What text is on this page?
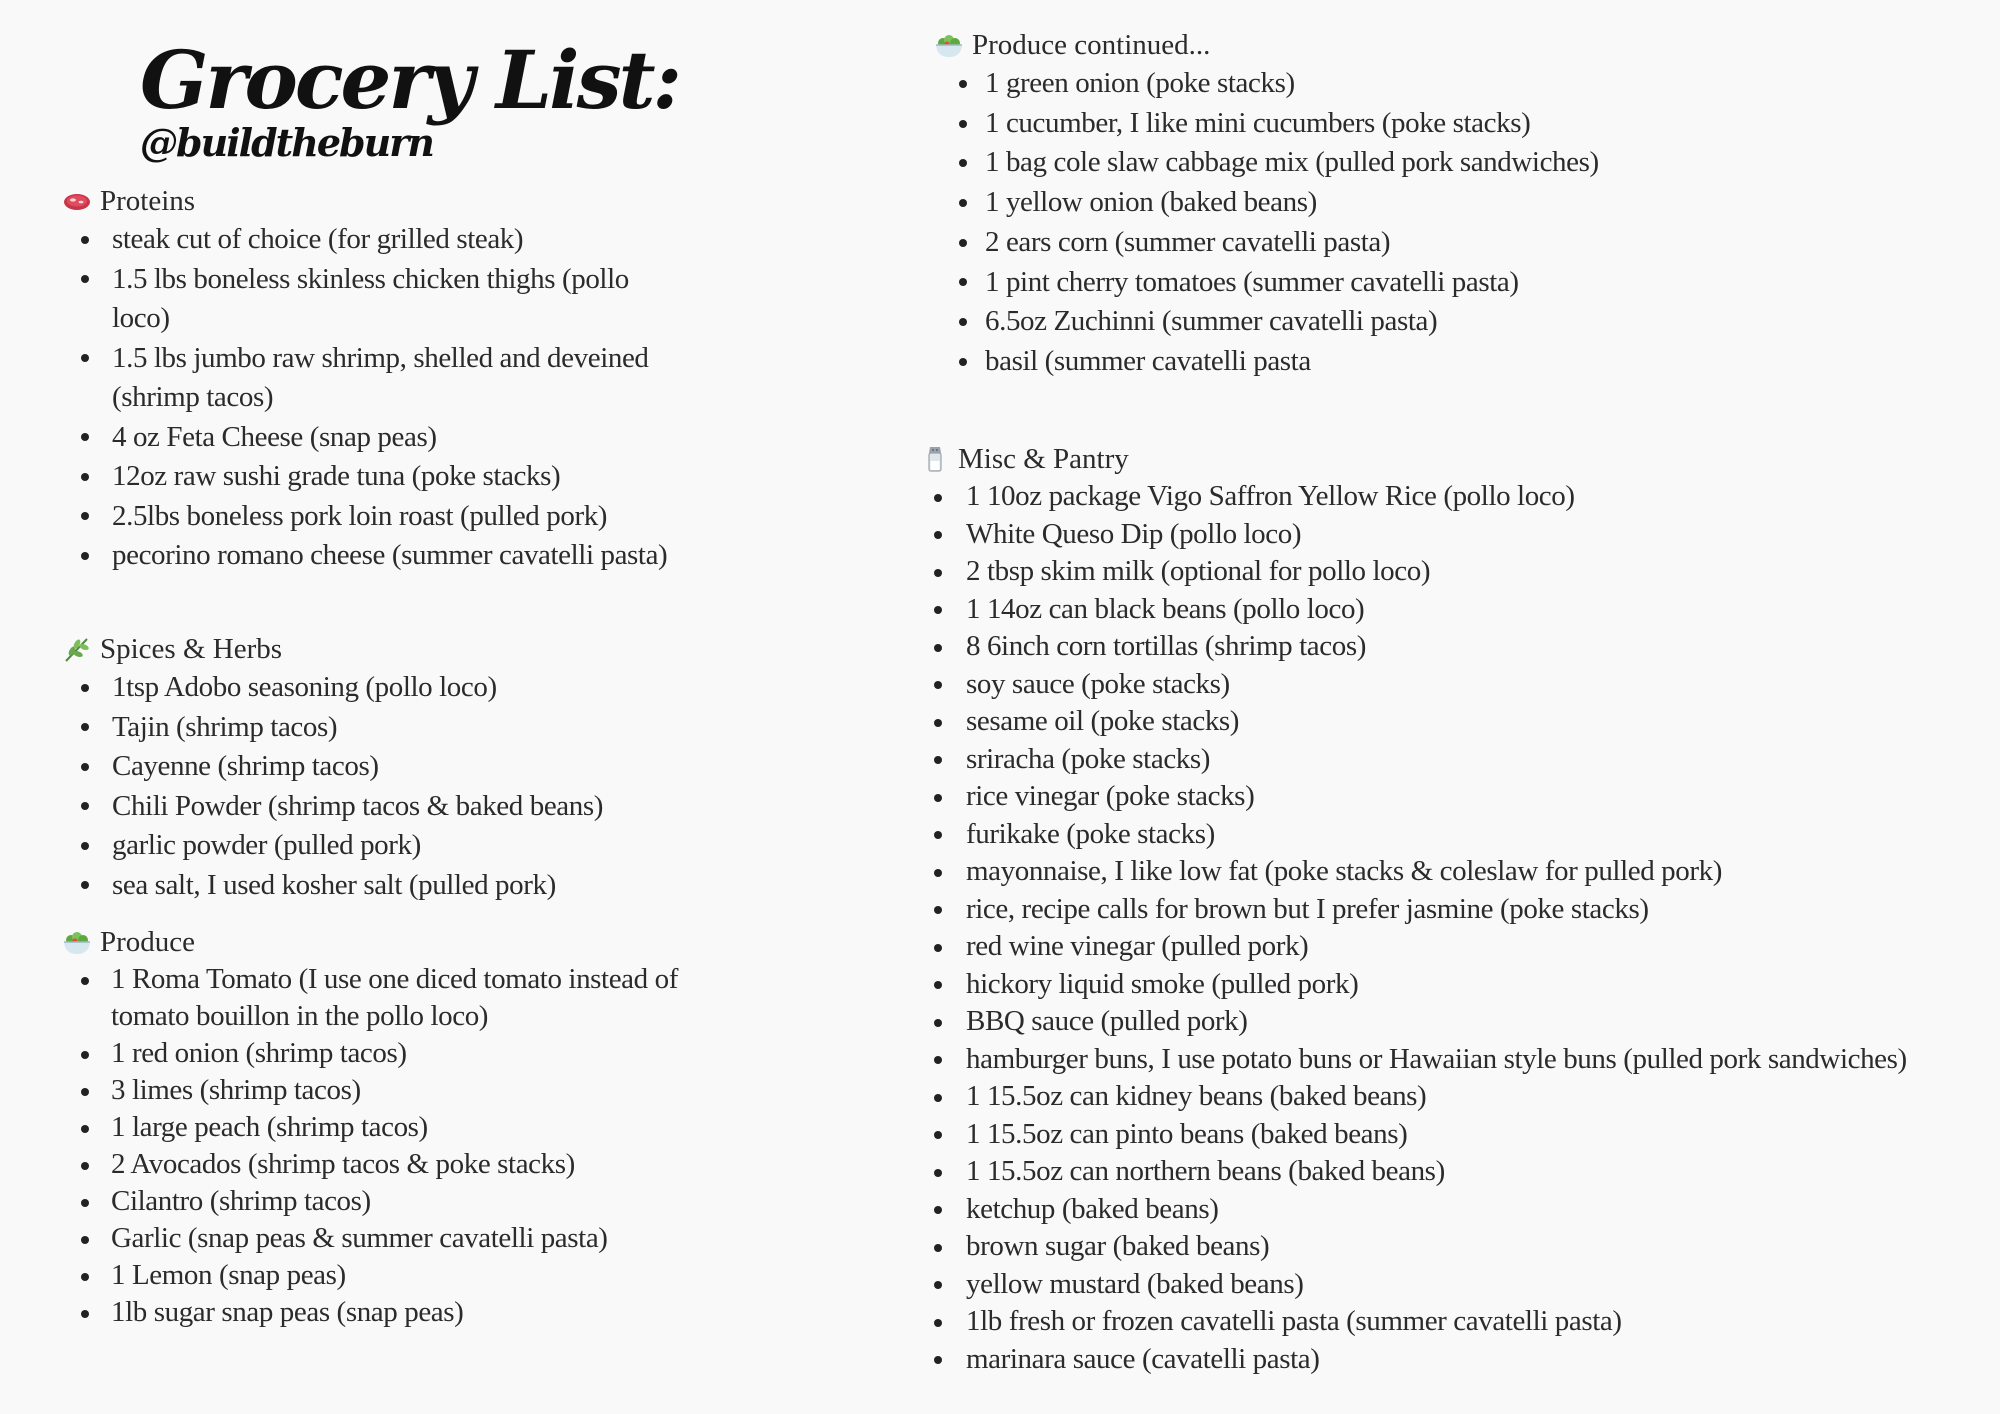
Grocery List:
@buildtheburn
Proteins
steak cut of choice (for grilled steak)
1.5 lbs boneless skinless chicken thighs (pollo loco)
1.5 lbs jumbo raw shrimp, shelled and deveined (shrimp tacos)
4 oz Feta Cheese (snap peas)
12oz raw sushi grade tuna (poke stacks)
2.5lbs boneless pork loin roast (pulled pork)
pecorino romano cheese (summer cavatelli pasta)
Spices & Herbs
1tsp Adobo seasoning (pollo loco)
Tajin (shrimp tacos)
Cayenne (shrimp tacos)
Chili Powder (shrimp tacos & baked beans)
garlic powder (pulled pork)
sea salt, I used kosher salt (pulled pork)
Produce
1 Roma Tomato (I use one diced tomato instead of tomato bouillon in the pollo loco)
1 red onion (shrimp tacos)
3 limes (shrimp tacos)
1 large peach (shrimp tacos)
2 Avocados (shrimp tacos & poke stacks)
Cilantro (shrimp tacos)
Garlic (snap peas & summer cavatelli pasta)
1 Lemon (snap peas)
1lb sugar snap peas (snap peas)
Produce continued...
1 green onion (poke stacks)
1 cucumber, I like mini cucumbers (poke stacks)
1 bag cole slaw cabbage mix (pulled pork sandwiches)
1 yellow onion (baked beans)
2 ears corn (summer cavatelli pasta)
1 pint cherry tomatoes (summer cavatelli pasta)
6.5oz Zuchinni (summer cavatelli pasta)
basil (summer cavatelli pasta
Misc & Pantry
1 10oz package Vigo Saffron Yellow Rice (pollo loco)
White Queso Dip (pollo loco)
2 tbsp skim milk (optional for pollo loco)
1 14oz can black beans (pollo loco)
8 6inch corn tortillas (shrimp tacos)
soy sauce (poke stacks)
sesame oil (poke stacks)
sriracha (poke stacks)
rice vinegar (poke stacks)
furikake (poke stacks)
mayonnaise, I like low fat (poke stacks & coleslaw for pulled pork)
rice, recipe calls for brown but I prefer jasmine (poke stacks)
red wine vinegar (pulled pork)
hickory liquid smoke (pulled pork)
BBQ sauce (pulled pork)
hamburger buns, I use potato buns or Hawaiian style buns (pulled pork sandwiches)
1 15.5oz can kidney beans (baked beans)
1 15.5oz can pinto beans (baked beans)
1 15.5oz can northern beans (baked beans)
ketchup (baked beans)
brown sugar (baked beans)
yellow mustard (baked beans)
1lb fresh or frozen cavatelli pasta (summer cavatelli pasta)
marinara sauce (cavatelli pasta)
